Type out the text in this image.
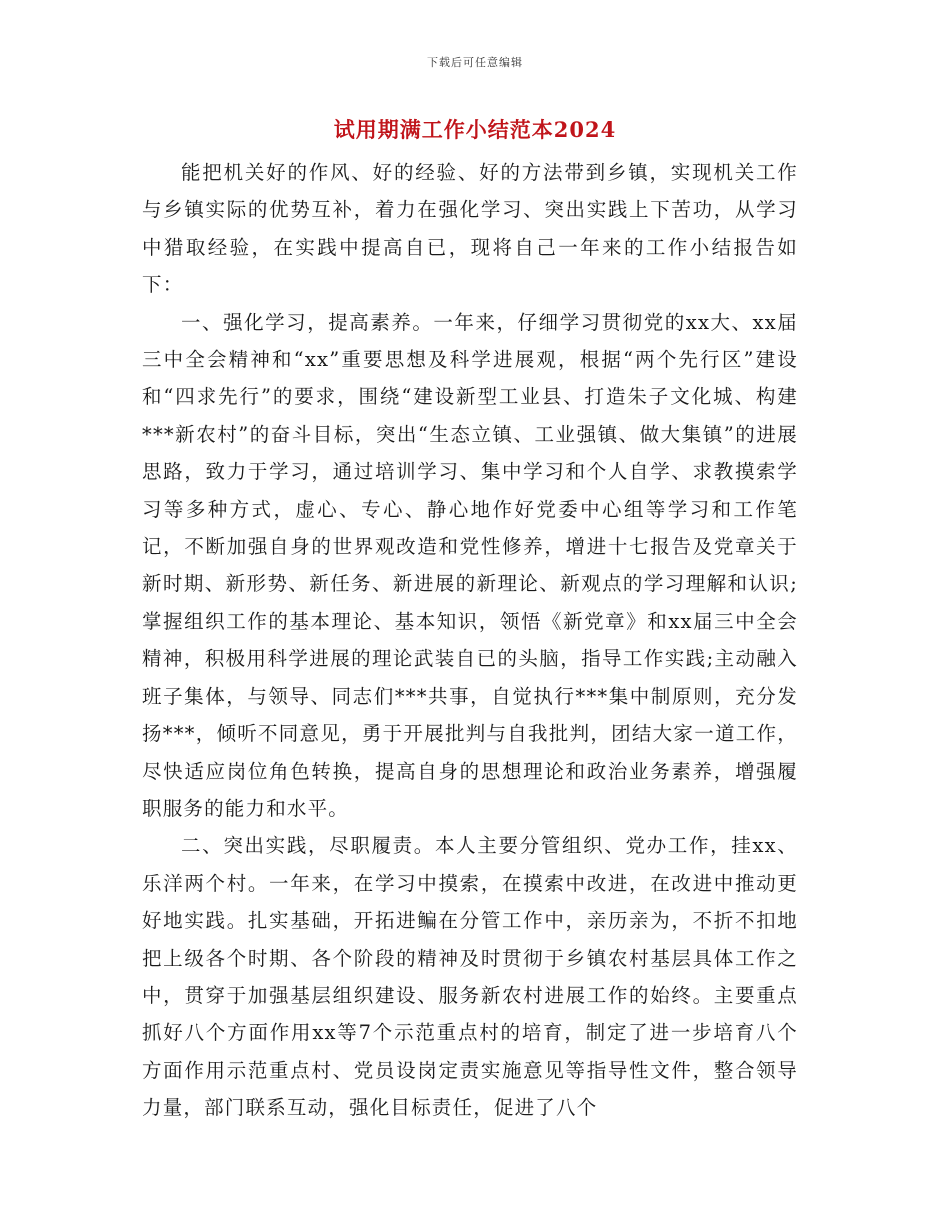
下载后可任意编辑
试用期满工作小结范本2024

能把机关好的作风、好的经验、好的方法带到乡镇，实现机关工作与乡镇实际的优势互补，着力在强化学习、突出实践上下苦功，从学习中猎取经验，在实践中提高自已，现将自己一年来的工作小结报告如下：

一、强化学习，提高素养。一年来，仔细学习贯彻党的xx大、xx届三中全会精神和“xx”重要思想及科学进展观，根据“两个先行区”建设和“四求先行”的要求，围绕“建设新型工业县、打造朱子文化城、构建***新农村”的奋斗目标，突出“生态立镇、工业强镇、做大集镇”的进展思路，致力于学习，通过培训学习、集中学习和个人自学、求教摸索学习等多种方式，虚心、专心、静心地作好党委中心组等学习和工作笔记，不断加强自身的世界观改造和党性修养，增进十七报告及党章关于新时期、新形势、新任务、新进展的新理论、新观点的学习理解和认识;掌握组织工作的基本理论、基本知识，领悟《新党章》和xx届三中全会精神，积极用科学进展的理论武装自已的头脑，指导工作实践;主动融入班子集体，与领导、同志们***共事，自觉执行***集中制原则，充分发扬***，倾听不同意见，勇于开展批判与自我批判，团结大家一道工作，尽快适应岗位角色转换，提高自身的思想理论和政治业务素养，增强履职服务的能力和水平。

二、突出实践，尽职履责。本人主要分管组织、党办工作，挂xx、乐洋两个村。一年来，在学习中摸索，在摸索中改进，在改进中推动更好地实践。扎实基础，开拓进鳊在分管工作中，亲历亲为，不折不扣地把上级各个时期、各个阶段的精神及时贯彻于乡镇农村基层具体工作之中，贯穿于加强基层组织建设、服务新农村进展工作的始终。主要重点抓好八个方面作用xx等7个示范重点村的培育，制定了进一步培育八个方面作用示范重点村、党员设岗定责实施意见等指导性文件，整合领导力量，部门联系互动，强化目标责任，促进了八个
